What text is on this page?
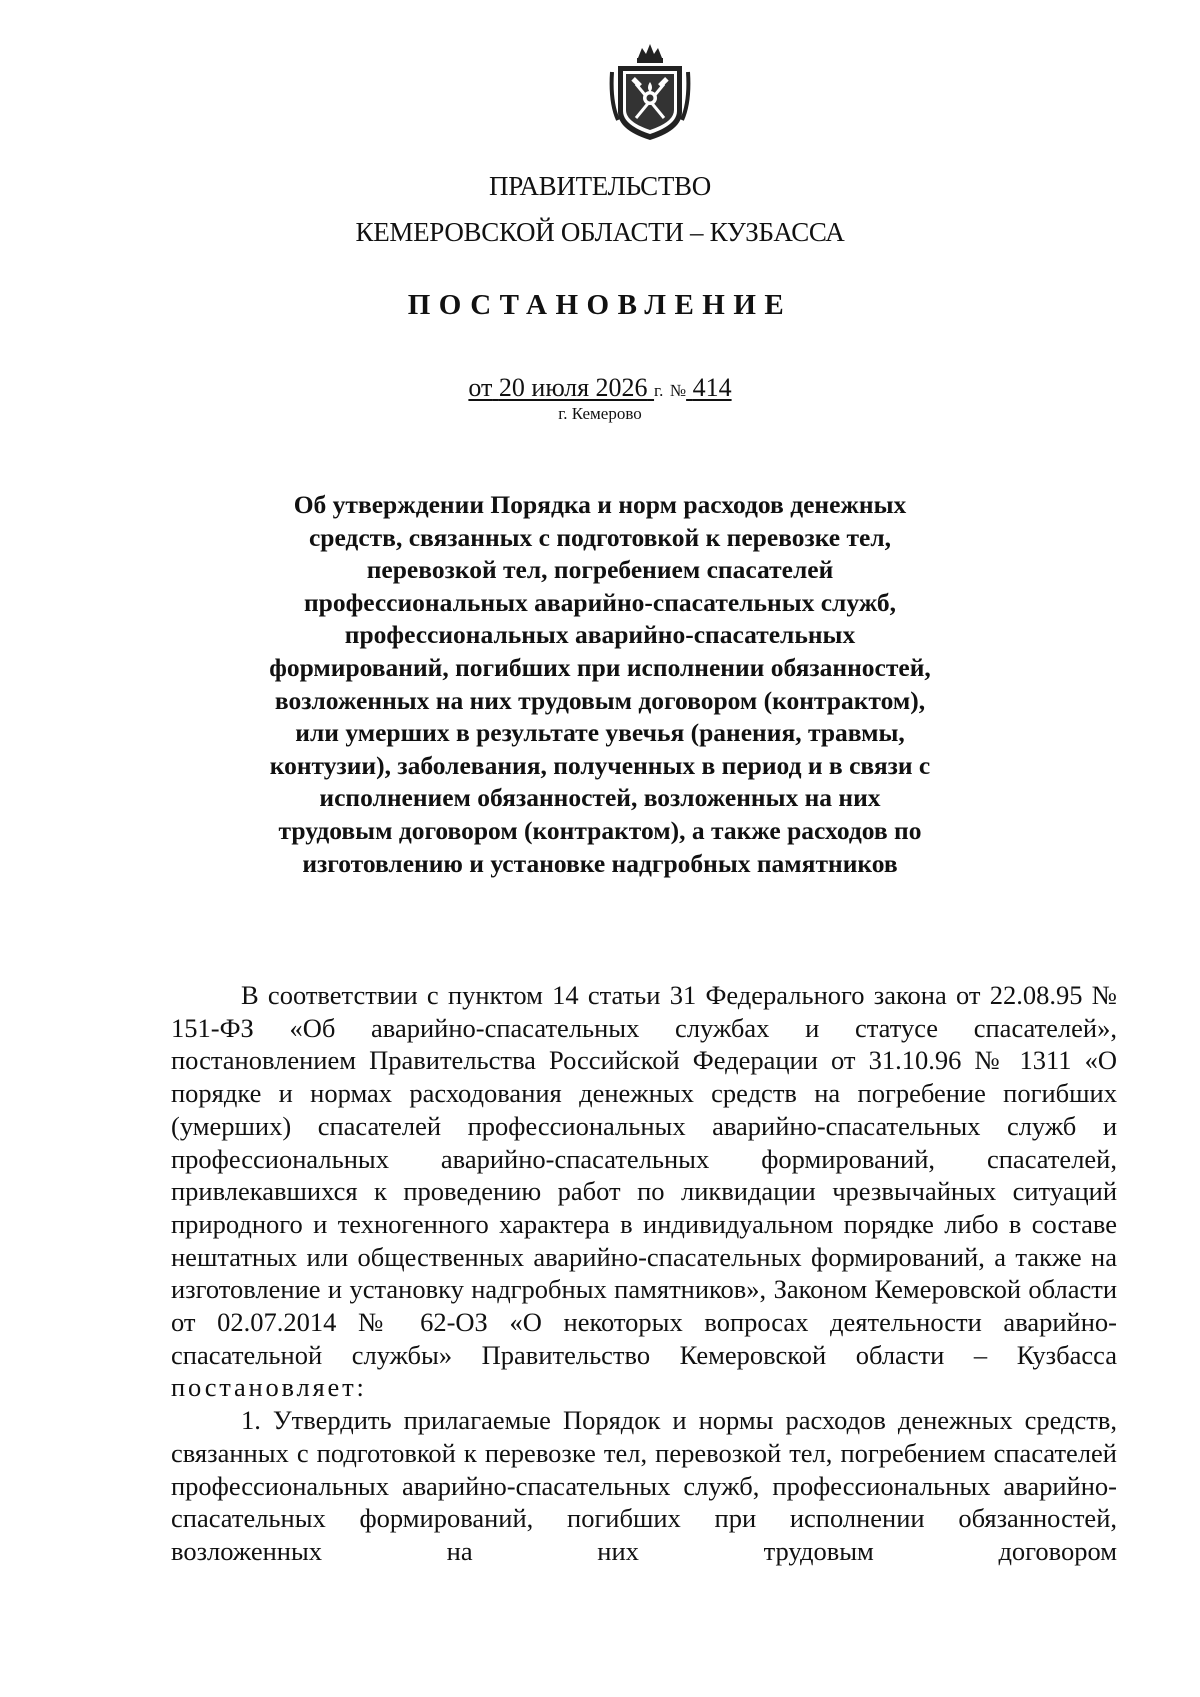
ПРАВИТЕЛЬСТВО
КЕМЕРОВСКОЙ ОБЛАСТИ – КУЗБАССА
ПОСТАНОВЛЕНИЕ
от 20 июля 2026 г. № 414
г. Кемерово
Об утверждении Порядка и норм расходов денежных средств, связанных с подготовкой к перевозке тел, перевозкой тел, погребением спасателей профессиональных аварийно-спасательных служб, профессиональных аварийно-спасательных формирований, погибших при исполнении обязанностей, возложенных на них трудовым договором (контрактом), или умерших в результате увечья (ранения, травмы, контузии), заболевания, полученных в период и в связи с исполнением обязанностей, возложенных на них трудовым договором (контрактом), а также расходов по изготовлению и установке надгробных памятников

В соответствии с пунктом 14 статьи 31 Федерального закона от 22.08.95 № 151-ФЗ «Об аварийно-спасательных службах и статусе спасателей», постановлением Правительства Российской Федерации от 31.10.96 № 1311 «О порядке и нормах расходования денежных средств на погребение погибших (умерших) спасателей профессиональных аварийно-спасательных служб и профессиональных аварийно-спасательных формирований, спасателей, привлекавшихся к проведению работ по ликвидации чрезвычайных ситуаций природного и техногенного характера в индивидуальном порядке либо в составе нештатных или общественных аварийно-спасательных формирований, а также на изготовление и установку надгробных памятников», Законом Кемеровской области от 02.07.2014 № 62-ОЗ «О некоторых вопросах деятельности аварийно-спасательной службы» Правительство Кемеровской области – Кузбасса постановляет:

1. Утвердить прилагаемые Порядок и нормы расходов денежных средств, связанных с подготовкой к перевозке тел, перевозкой тел, погребением спасателей профессиональных аварийно-спасательных служб, профессиональных аварийно-спасательных формирований, погибших при исполнении обязанностей, возложенных на них трудовым договором
